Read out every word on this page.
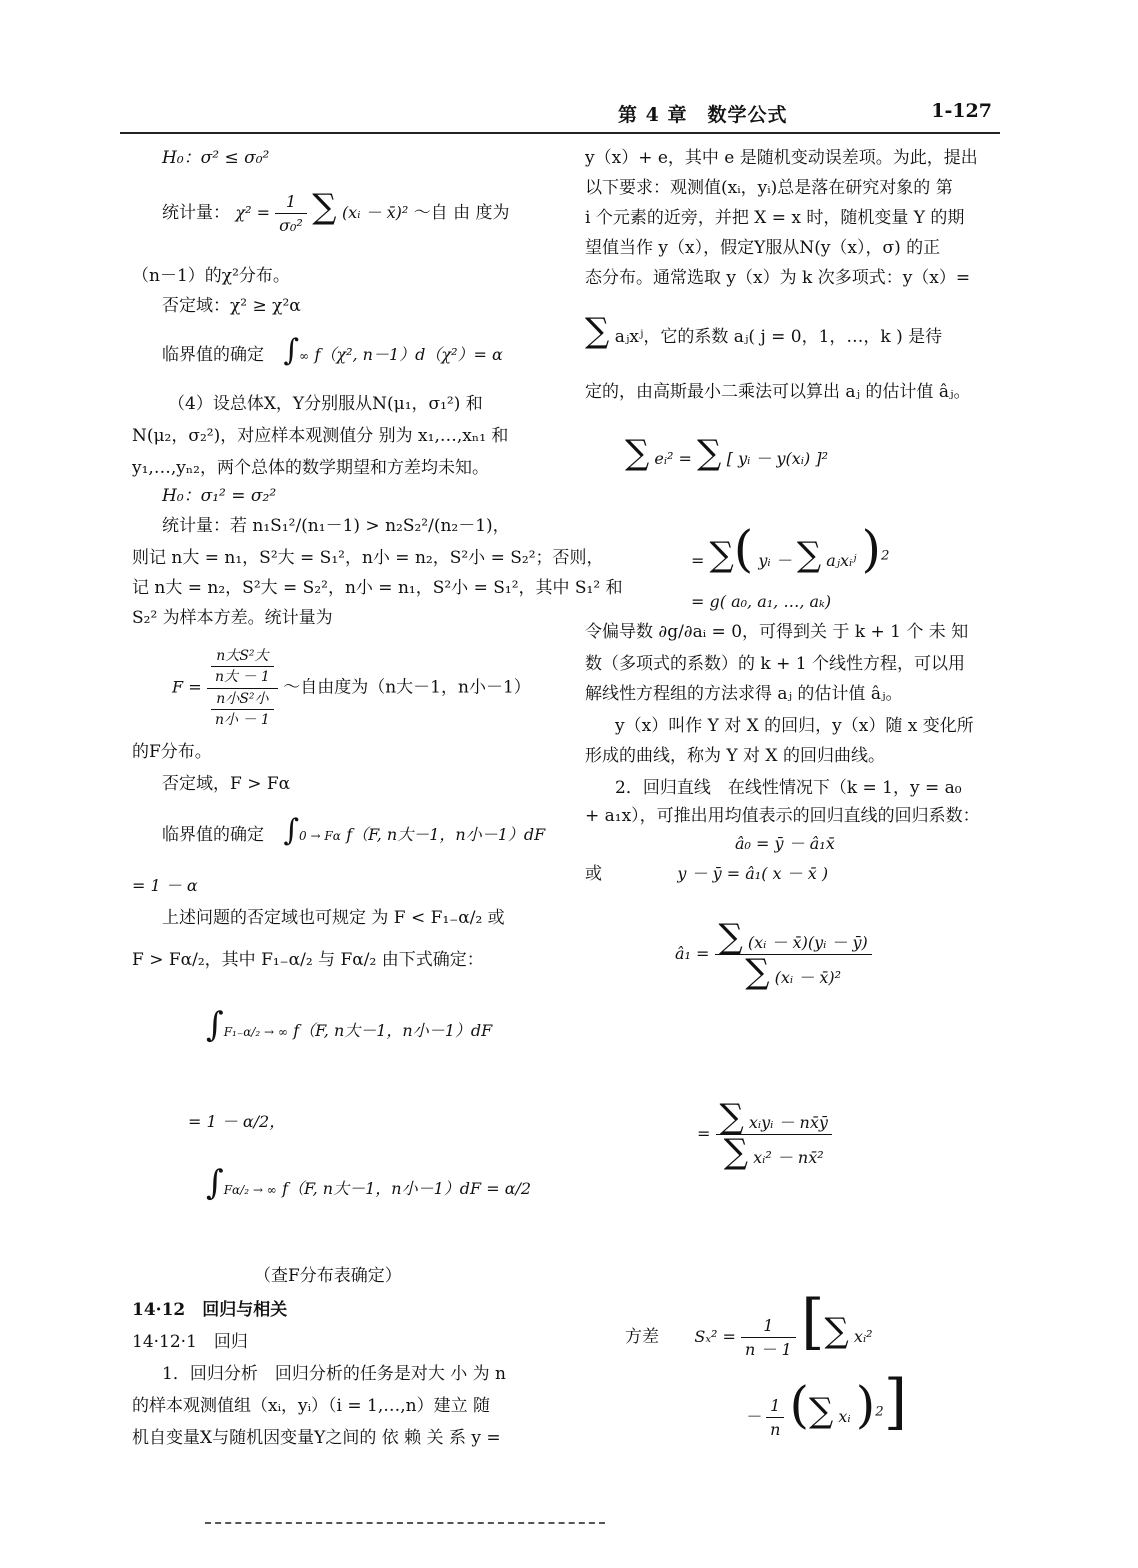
第 4 章　数学公式	1-127
H₀：σ² ≤ σ₀²
统计量： $\chi^2 = \frac{1}{\text{σ₀²}}$ ∑ (xᵢ － x̄)² ～自 由 度为
（n－1）的χ²分布。
否定域：χ² ≥ χ²α
临界值的确定 ∫∞ f（χ², n－1）d（χ²）= α
（4）设总体X，Y分别服从N(μ₁，σ₁²) 和
N(μ₂，σ₂²)，对应样本观测值分 别为 x₁,…,xₙ₁ 和
y₁,…,yₙ₂，两个总体的数学期望和方差均未知。
H₀：σ₁² = σ₂²
统计量：若 n₁S₁²/(n₁－1) > n₂S₂²/(n₂－1)，
则记 n大 = n₁，S²大 = S₁²，n小 = n₂，S²小 = S₂²；否则，
记 n大 = n₂，S²大 = S₂²，n小 = n₁，S²小 = S₁²，其中 S₁² 和
S₂² 为样本方差。统计量为
$F = \frac{\frac{\text{n大S²大}}{\text{n大 － 1}}}{\frac{\text{n小S²小}}{\text{n小 － 1}}}$ ～自由度为（n大－1，n小－1）
的F分布。
否定域，F > Fα
临界值的确定 ∫0 → Fα f（F, n大－1，n小－1）dF
= 1 － α
上述问题的否定域也可规定 为 F < F₁₋α/₂ 或
F > Fα/₂，其中 F₁₋α/₂ 与 Fα/₂ 由下式确定：
∫F₁₋α/₂ → ∞ f（F, n大－1，n小－1）dF
= 1 － α/2，
∫Fα/₂ → ∞ f（F, n大－1，n小－1）dF = α/2
（查F分布表确定）
14·12　回归与相关
14·12·1　回归
1．回归分析　回归分析的任务是对大 小 为 n
的样本观测值组（xᵢ，yᵢ）（i = 1,…,n）建立 随
机自变量X与随机因变量Y之间的 依 赖 关 系 y =
y（x）+ e，其中 e 是随机变动误差项。为此，提出
以下要求：观测值(xᵢ，yᵢ)总是落在研究对象的 第
i 个元素的近旁，并把 X = x 时，随机变量 Y 的期
望值当作 y（x），假定Y服从N(y（x），σ) 的正
态分布。通常选取 y（x）为 k 次多项式：y（x）=
∑ aⱼxʲ，它的系数 aⱼ( j = 0，1，…，k ) 是待
定的，由高斯最小二乘法可以算出 aⱼ 的估计值 âⱼ。
∑ eᵢ² = ∑ [ yᵢ － y(xᵢ) ]²
= ∑( yᵢ － ∑ aⱼxᵢʲ )$^2$
= g( a₀, a₁, …, aₖ)
令偏导数 ∂g/∂aᵢ = 0，可得到关 于 k + 1 个 未 知
数（多项式的系数）的 k + 1 个线性方程，可以用
解线性方程组的方法求得 aⱼ 的估计值 âⱼ。
y（x）叫作 Y 对 X 的回归，y（x）随 x 变化所
形成的曲线，称为 Y 对 X 的回归曲线。
2．回归直线　在线性情况下（k = 1，y = a₀
+ a₁x），可推出用均值表示的回归直线的回归系数：
â₀ = ȳ － â₁x̄
或	y － ȳ = â₁( x － x̄ )
â₁ = $\frac{\text{∑ (xᵢ － x̄)(yᵢ － ȳ)}}{\text{∑ (xᵢ － x̄)²}}$
= $\frac{\text{∑ xᵢyᵢ － nx̄ȳ}}{\text{∑ xᵢ² － nx̄²}}$
方差 $S_x^2 = \frac{1}{n - 1}$ [∑ xᵢ²
－ $\frac{1}{n}$ (∑ xᵢ )$^2$]
